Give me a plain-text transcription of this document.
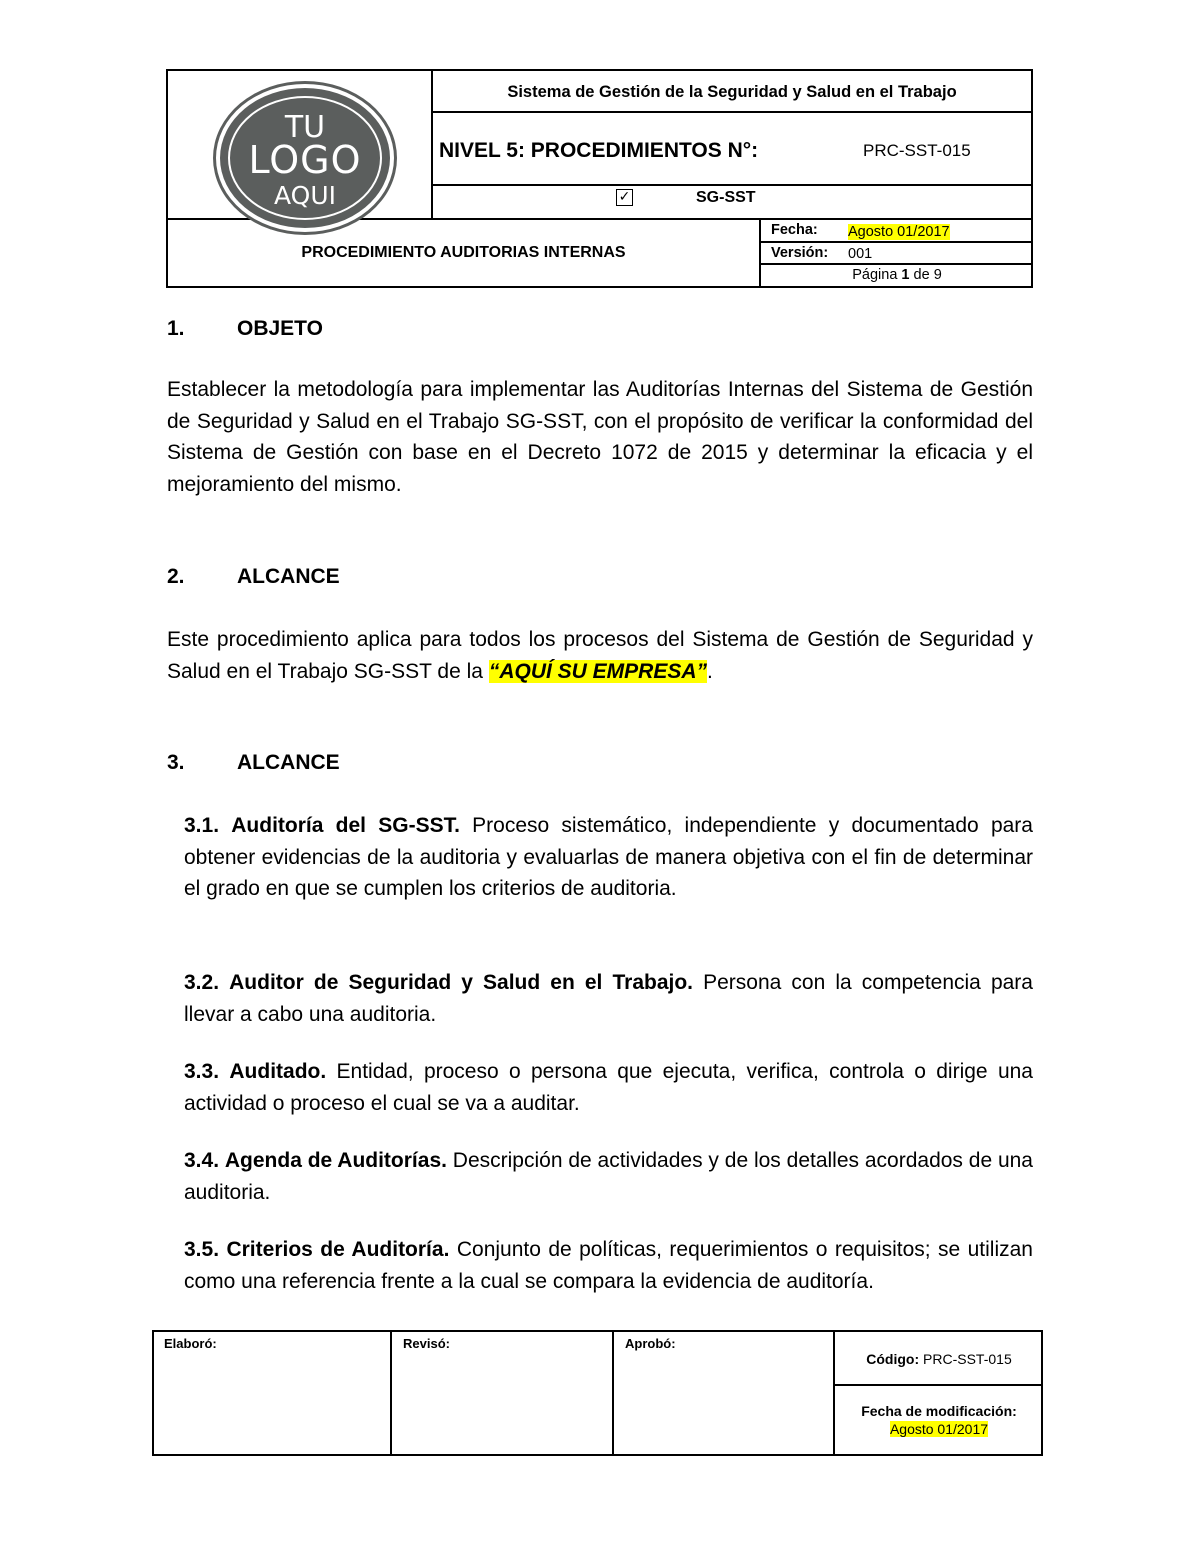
TU
LOGO
AQUI
Sistema de Gestión de la Seguridad y Salud en el Trabajo
NIVEL 5: PROCEDIMIENTOS N°:	PRC-SST-015
✓	SG-SST
PROCEDIMIENTO AUDITORIAS INTERNAS
Fecha: Agosto 01/2017
Versión: 001
Página 1 de 9
1. OBJETO
Establecer la metodología para implementar las Auditorías Internas del Sistema de Gestión de Seguridad y Salud en el Trabajo SG-SST, con el propósito de verificar la conformidad del Sistema de Gestión con base en el Decreto 1072 de 2015 y determinar la eficacia y el mejoramiento del mismo.
2. ALCANCE
Este procedimiento aplica para todos los procesos del Sistema de Gestión de Seguridad y Salud en el Trabajo SG-SST de la “AQUÍ SU EMPRESA”.
3. ALCANCE
3.1. Auditoría del SG-SST. Proceso sistemático, independiente y documentado para obtener evidencias de la auditoria y evaluarlas de manera objetiva con el fin de determinar el grado en que se cumplen los criterios de auditoria.
3.2. Auditor de Seguridad y Salud en el Trabajo. Persona con la competencia para llevar a cabo una auditoria.
3.3. Auditado. Entidad, proceso o persona que ejecuta, verifica, controla o dirige una actividad o proceso el cual se va a auditar.
3.4. Agenda de Auditorías. Descripción de actividades y de los detalles acordados de una auditoria.
3.5. Criterios de Auditoría. Conjunto de políticas, requerimientos o requisitos; se utilizan como una referencia frente a la cual se compara la evidencia de auditoría.
Elaboró:	Revisó:	Aprobó:
Código: PRC-SST-015
Fecha de modificación:
Agosto 01/2017
